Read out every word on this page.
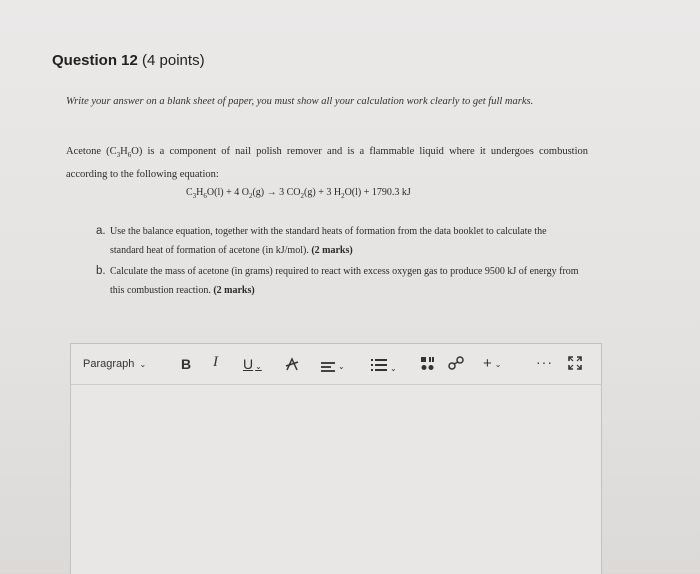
Question 12 (4 points)
Write your answer on a blank sheet of paper, you must show all your calculation work clearly to get full marks.
Acetone $(C_3H_6O)$ is a component of nail polish remover and is a flammable liquid where it undergoes combustion according to the following equation:
$C_3H_6O(l) + 4$ $O_2(g) \to 3$ $CO_2(g) + 3$ $H_2O(l) + 1790.3$ kJ
a. Use the balance equation, together with the standard heats of formation from the data booklet to calculate the standard heat of formation of acetone (in kJ/mol). (2 marks)
b. Calculate the mass of acetone (in grams) required to react with excess oxygen gas to produce 9500 kJ of energy from this combustion reaction. (2 marks)
Paragraph ⌄ B I U ⌄	⌄	⌄	+ ⌄ ···
